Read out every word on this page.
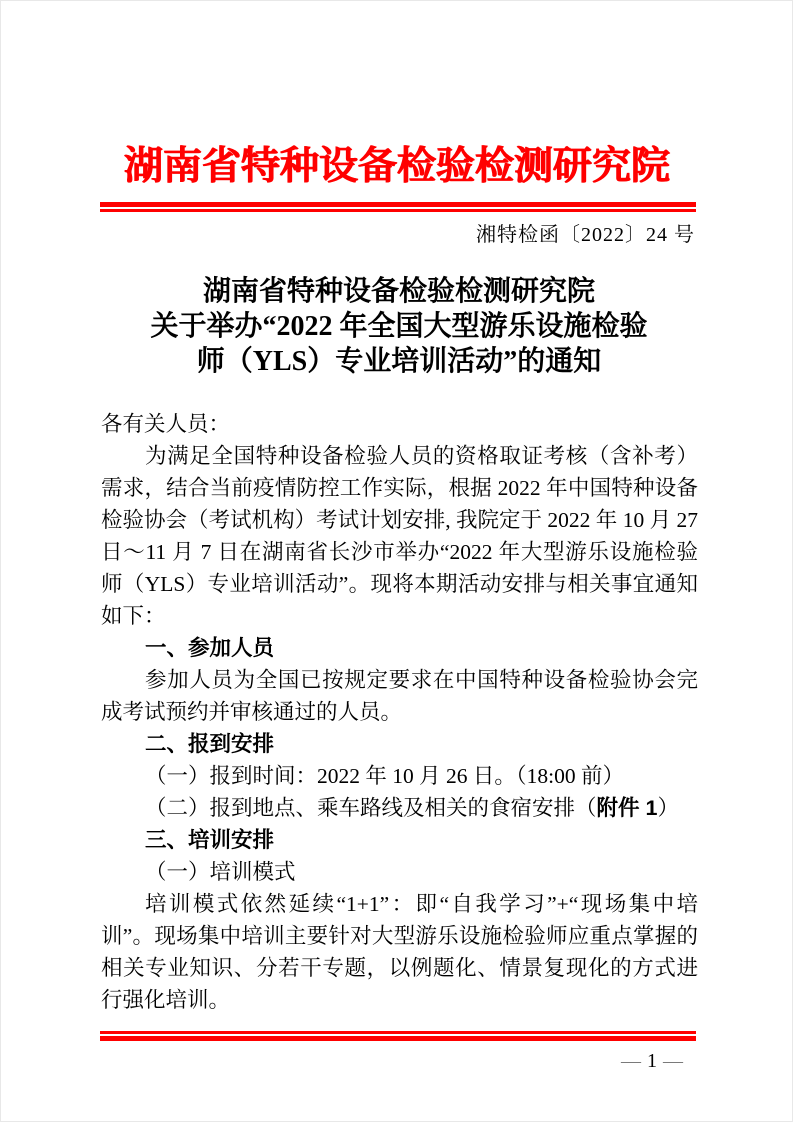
湖南省特种设备检验检测研究院
湘特检函〔2022〕24 号
湖南省特种设备检验检测研究院
关于举办“2022 年全国大型游乐设施检验
师（YLS）专业培训活动”的通知

各有关人员：

为满足全国特种设备检验人员的资格取证考核（含补考）需求，结合当前疫情防控工作实际，根据 2022 年中国特种设备检验协会（考试机构）考试计划安排, 我院定于 2022 年 10 月 27 日～11 月 7 日在湖南省长沙市举办“2022 年大型游乐设施检验师（YLS）专业培训活动”。现将本期活动安排与相关事宜通知如下：

一、参加人员

参加人员为全国已按规定要求在中国特种设备检验协会完成考试预约并审核通过的人员。

二、报到安排

（一）报到时间：2022 年 10 月 26 日。（18:00 前）

（二）报到地点、乘车路线及相关的食宿安排（附件 1）

三、培训安排

（一）培训模式

培训模式依然延续“1+1”：即“自我学习”+“现场集中培训”。现场集中培训主要针对大型游乐设施检验师应重点掌握的相关专业知识、分若干专题，以例题化、情景复现化的方式进行强化培训。

— 1 —
